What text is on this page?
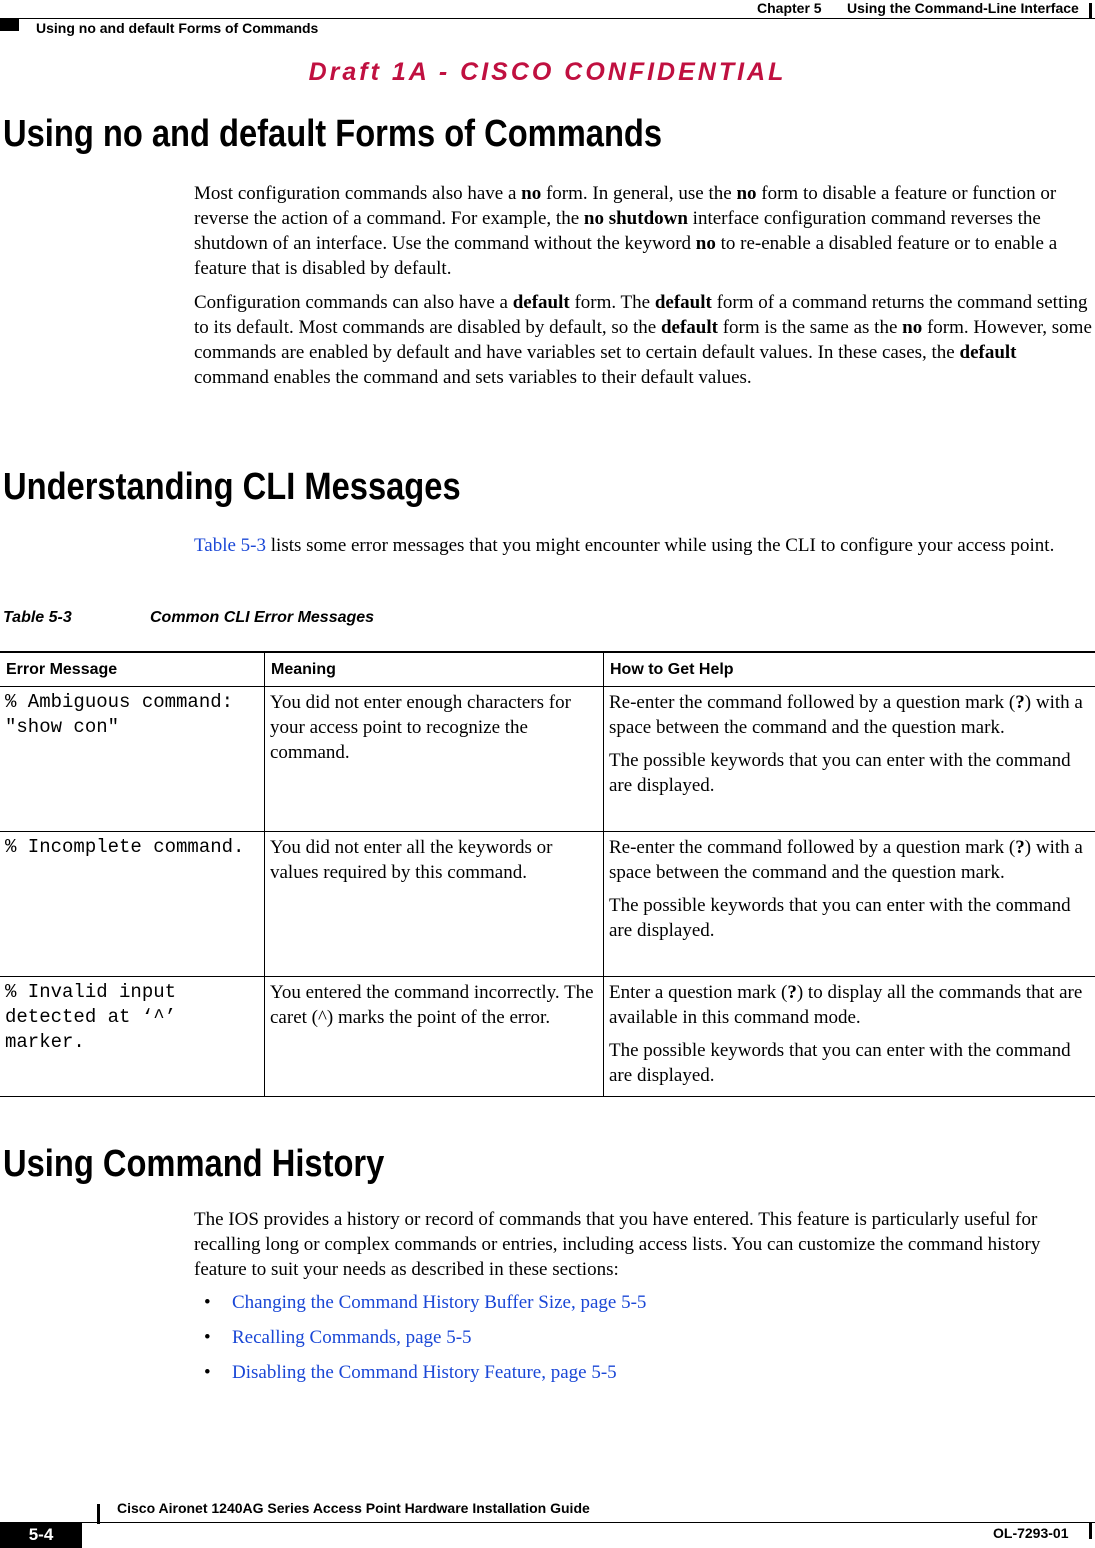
Chapter 5 Using the Command-Line Interface
Using no and default Forms of Commands
Draft 1A - CISCO CONFIDENTIAL
Using no and default Forms of Commands

Most configuration commands also have a no form. In general, use the no form to disable a feature or function or reverse the action of a command. For example, the no shutdown interface configuration command reverses the shutdown of an interface. Use the command without the keyword no to re-enable a disabled feature or to enable a feature that is disabled by default.

Configuration commands can also have a default form. The default form of a command returns the command setting to its default. Most commands are disabled by default, so the default form is the same as the no form. However, some commands are enabled by default and have variables set to certain default values. In these cases, the default command enables the command and sets variables to their default values.

Understanding CLI Messages

Table 5-3 lists some error messages that you might encounter while using the CLI to configure your access point.

Table 5-3	Common CLI Error Messages
Error Message	Meaning	How to Get Help
% Ambiguous command: "show con"	You did not enter enough characters for your access point to recognize the command.	Re-enter the command followed by a question mark (?) with a space between the command and the question mark.

The possible keywords that you can enter with the command are displayed.

% Incomplete command.	You did not enter all the keywords or values required by this command.	Re-enter the command followed by a question mark (?) with a space between the command and the question mark.

The possible keywords that you can enter with the command are displayed.

% Invalid input detected at ‘^’ marker.	You entered the command incorrectly. The caret (^) marks the point of the error.	Enter a question mark (?) to display all the commands that are available in this command mode.

The possible keywords that you can enter with the command are displayed.

Using Command History

The IOS provides a history or record of commands that you have entered. This feature is particularly useful for recalling long or complex commands or entries, including access lists. You can customize the command history feature to suit your needs as described in these sections:

• Changing the Command History Buffer Size, page 5-5
• Recalling Commands, page 5-5
• Disabling the Command History Feature, page 5-5
5-4
Cisco Aironet 1240AG Series Access Point Hardware Installation Guide
OL-7293-01
